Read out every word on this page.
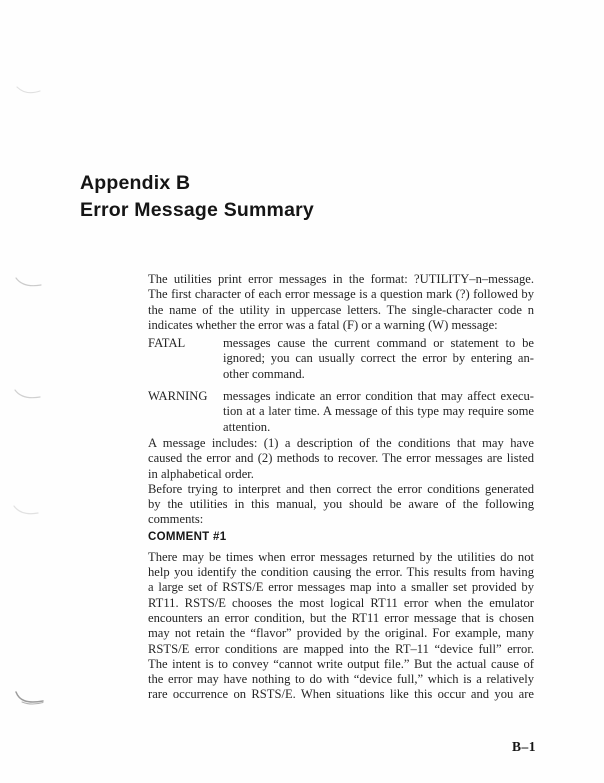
Appendix B
Error Message Summary
The utilities print error messages in the format: ?UTILITY–n–message.
The first character of each error message is a question mark (?) followed by
the name of the utility in uppercase letters. The single-character code n
indicates whether the error was a fatal (F) or a warning (W) message:
FATAL	messages cause the current command or statement to be
ignored; you can usually correct the error by entering an-
other command.
WARNING	messages indicate an error condition that may affect execu-
tion at a later time. A message of this type may require some
attention.
A message includes: (1) a description of the conditions that may have
caused the error and (2) methods to recover. The error messages are listed
in alphabetical order.
Before trying to interpret and then correct the error conditions generated
by the utilities in this manual, you should be aware of the following
comments:
COMMENT #1
There may be times when error messages returned by the utilities do not
help you identify the condition causing the error. This results from having
a large set of RSTS/E error messages map into a smaller set provided by
RT11. RSTS/E chooses the most logical RT11 error when the emulator
encounters an error condition, but the RT11 error message that is chosen
may not retain the “flavor” provided by the original. For example, many
RSTS/E error conditions are mapped into the RT–11 “device full” error.
The intent is to convey “cannot write output file.” But the actual cause of
the error may have nothing to do with “device full,” which is a relatively
rare occurrence on RSTS/E. When situations like this occur and you are
B–1
